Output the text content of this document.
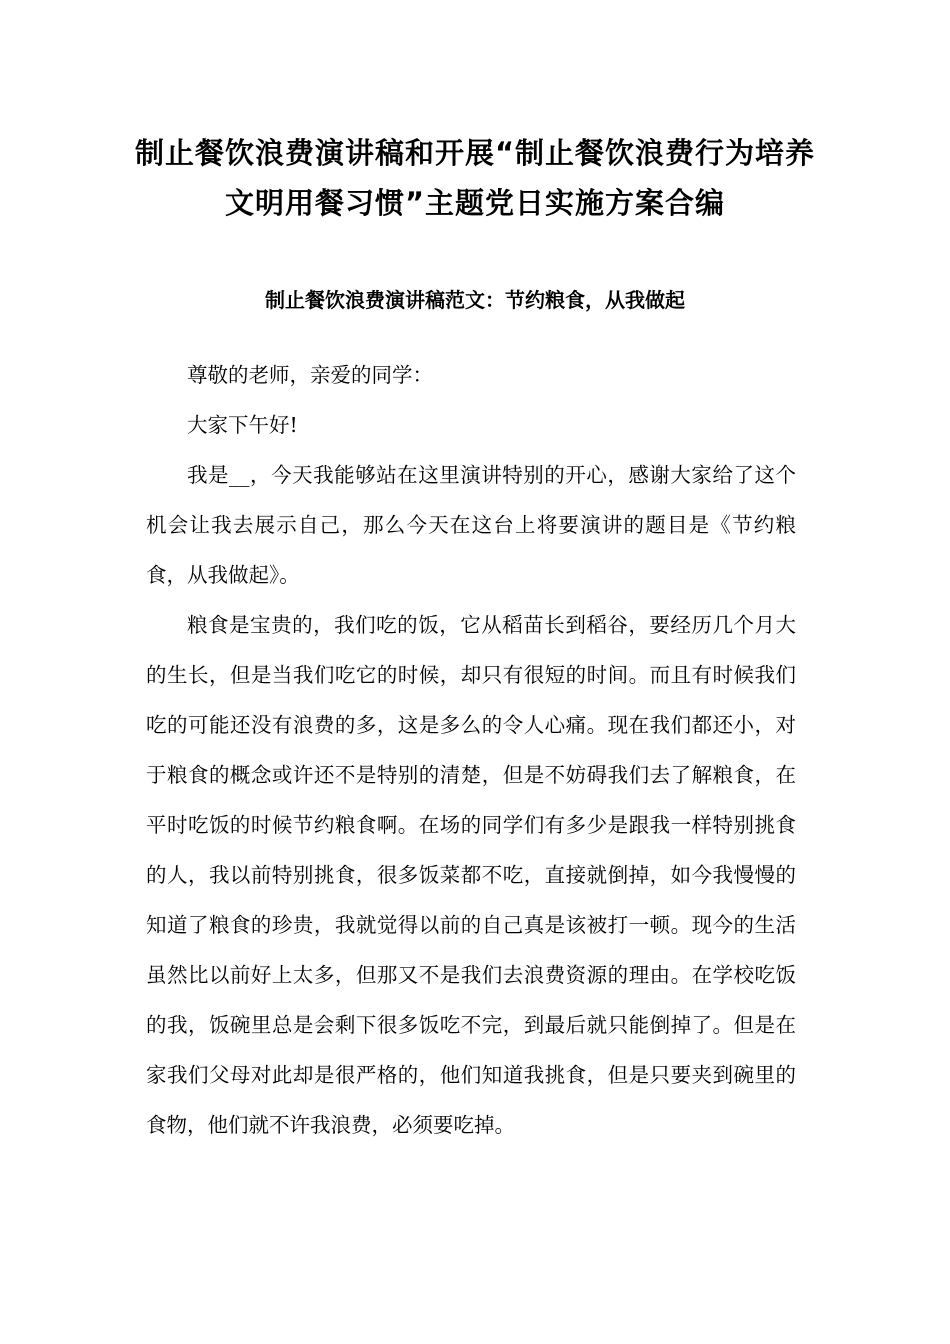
制止餐饮浪费演讲稿和开展“制止餐饮浪费行为培养
文明用餐习惯”主题党日实施方案合编
制止餐饮浪费演讲稿范文：节约粮食，从我做起

尊敬的老师，亲爱的同学：

大家下午好!

我是__，今天我能够站在这里演讲特别的开心，感谢大家给了这个机会让我去展示自己，那么今天在这台上将要演讲的题目是《节约粮食，从我做起》。

粮食是宝贵的，我们吃的饭，它从稻苗长到稻谷，要经历几个月大的生长，但是当我们吃它的时候，却只有很短的时间。而且有时候我们吃的可能还没有浪费的多，这是多么的令人心痛。现在我们都还小，对于粮食的概念或许还不是特别的清楚，但是不妨碍我们去了解粮食，在平时吃饭的时候节约粮食啊。在场的同学们有多少是跟我一样特别挑食的人，我以前特别挑食，很多饭菜都不吃，直接就倒掉，如今我慢慢的知道了粮食的珍贵，我就觉得以前的自己真是该被打一顿。现今的生活虽然比以前好上太多，但那又不是我们去浪费资源的理由。在学校吃饭的我，饭碗里总是会剩下很多饭吃不完，到最后就只能倒掉了。但是在家我们父母对此却是很严格的，他们知道我挑食，但是只要夹到碗里的食物，他们就不许我浪费，必须要吃掉。
